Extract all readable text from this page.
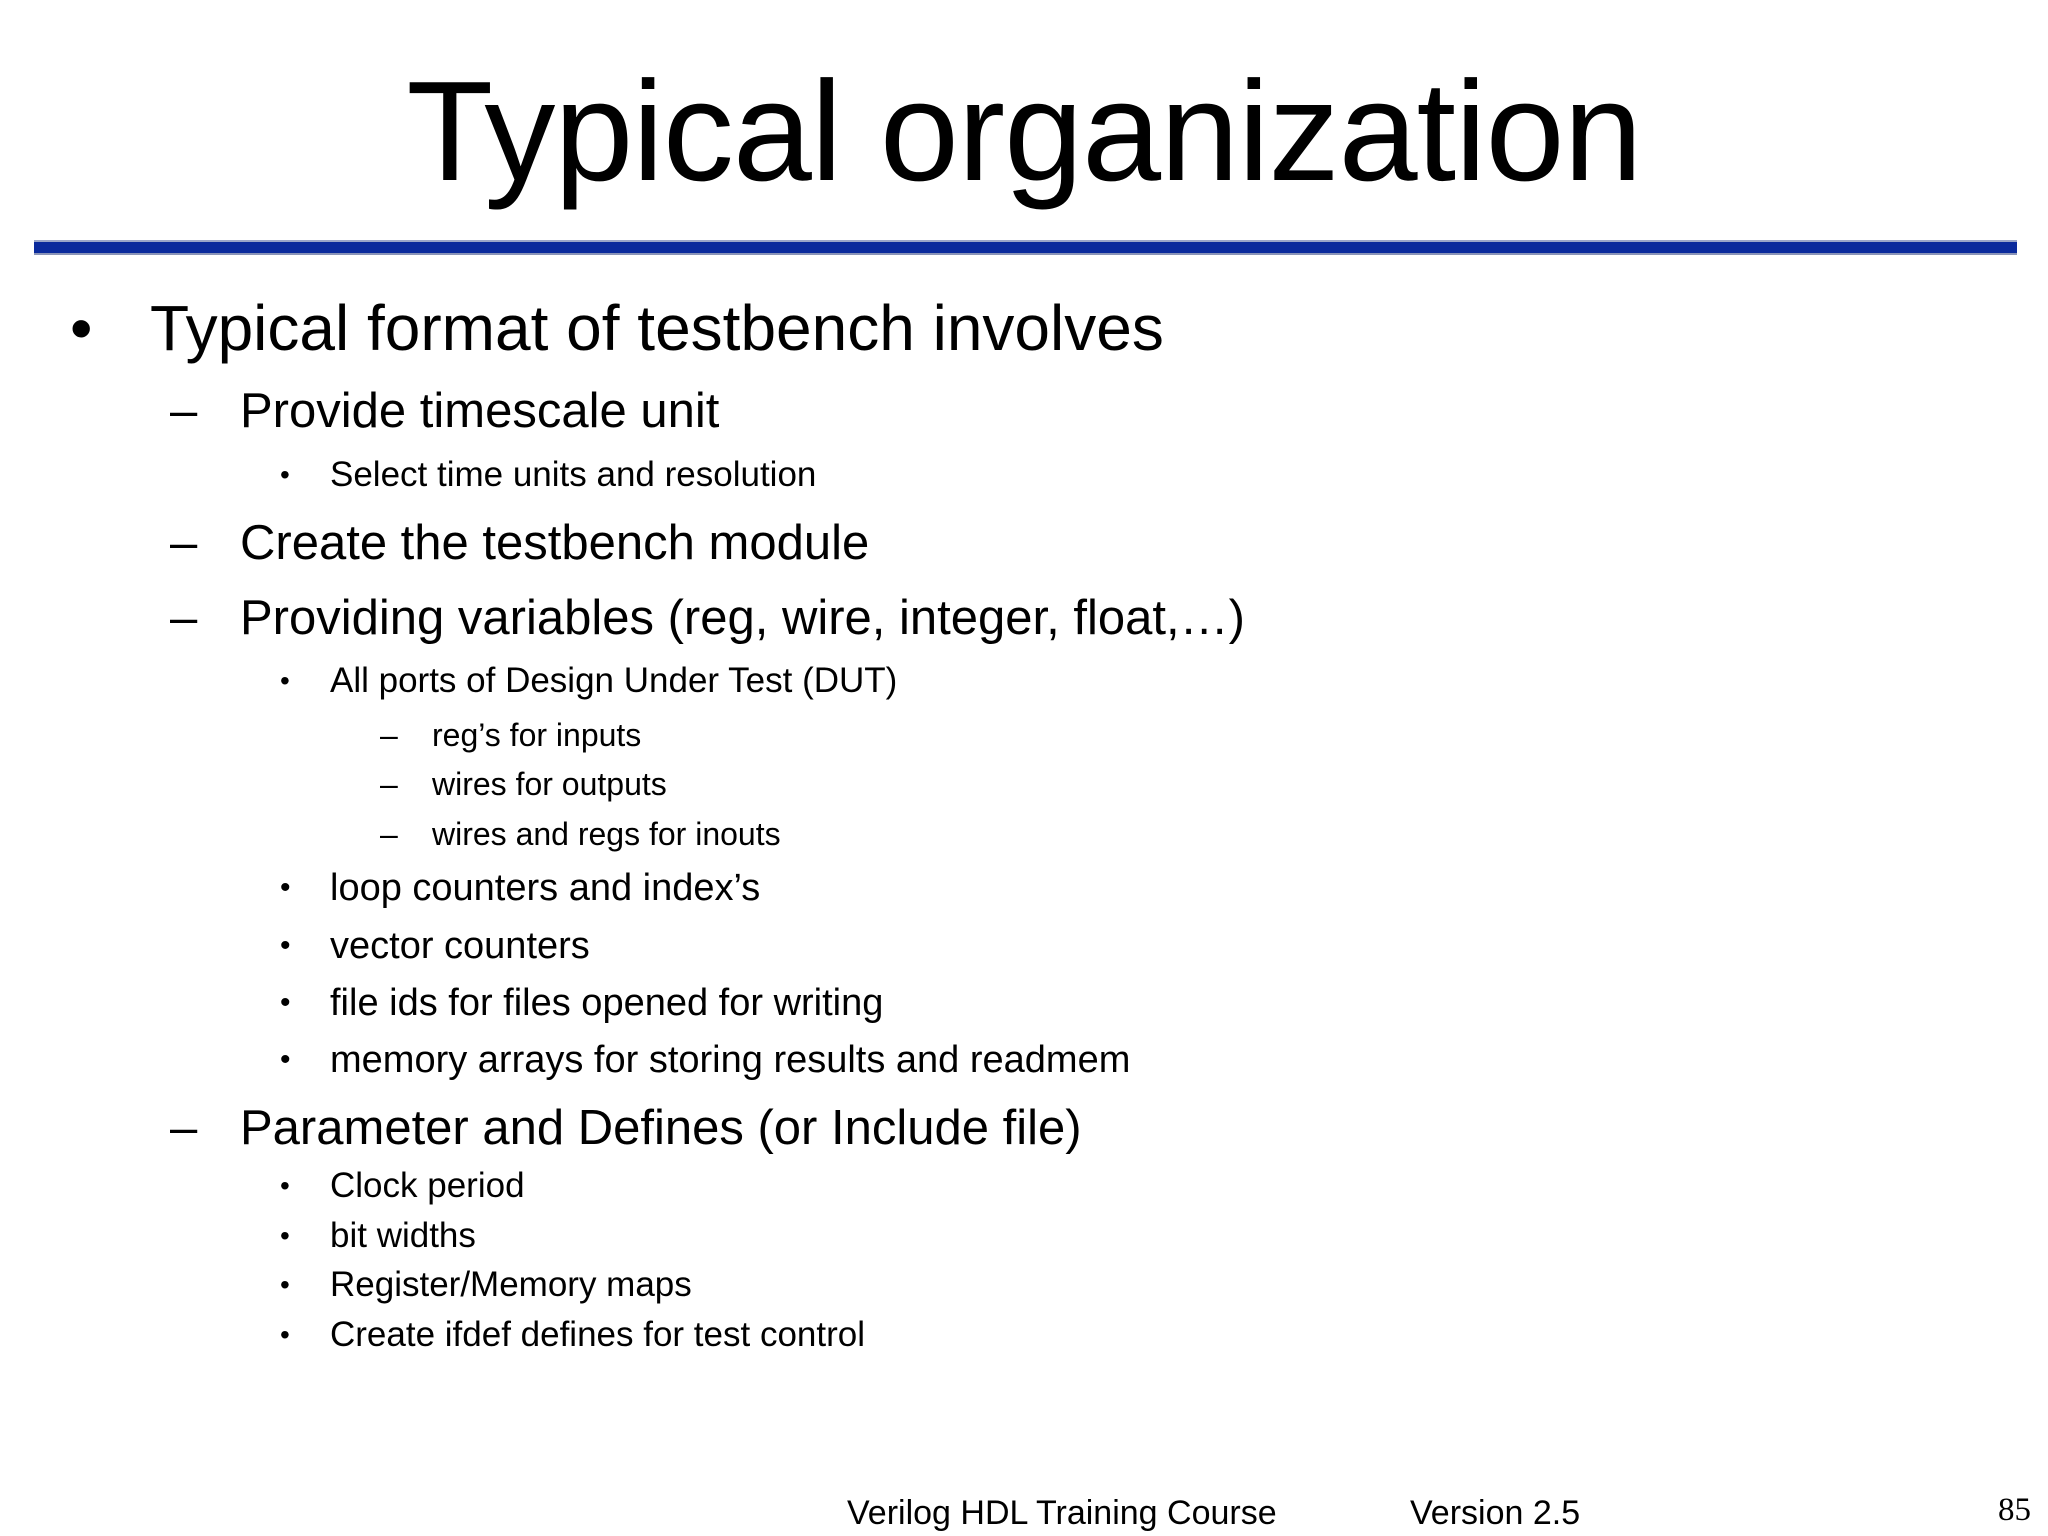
Typical organization
• Typical format of testbench involves
– Provide timescale unit
• Select time units and resolution
– Create the testbench module
– Providing variables (reg, wire, integer, float,…)
• All ports of Design Under Test (DUT)
– reg’s for inputs
– wires for outputs
– wires and regs for inouts
• loop counters and index’s
• vector counters
• file ids for files opened for writing
• memory arrays for storing results and readmem
– Parameter and Defines (or Include file)
• Clock period
• bit widths
• Register/Memory maps
• Create ifdef defines for test control
Verilog HDL Training Course	Version 2.5	85
